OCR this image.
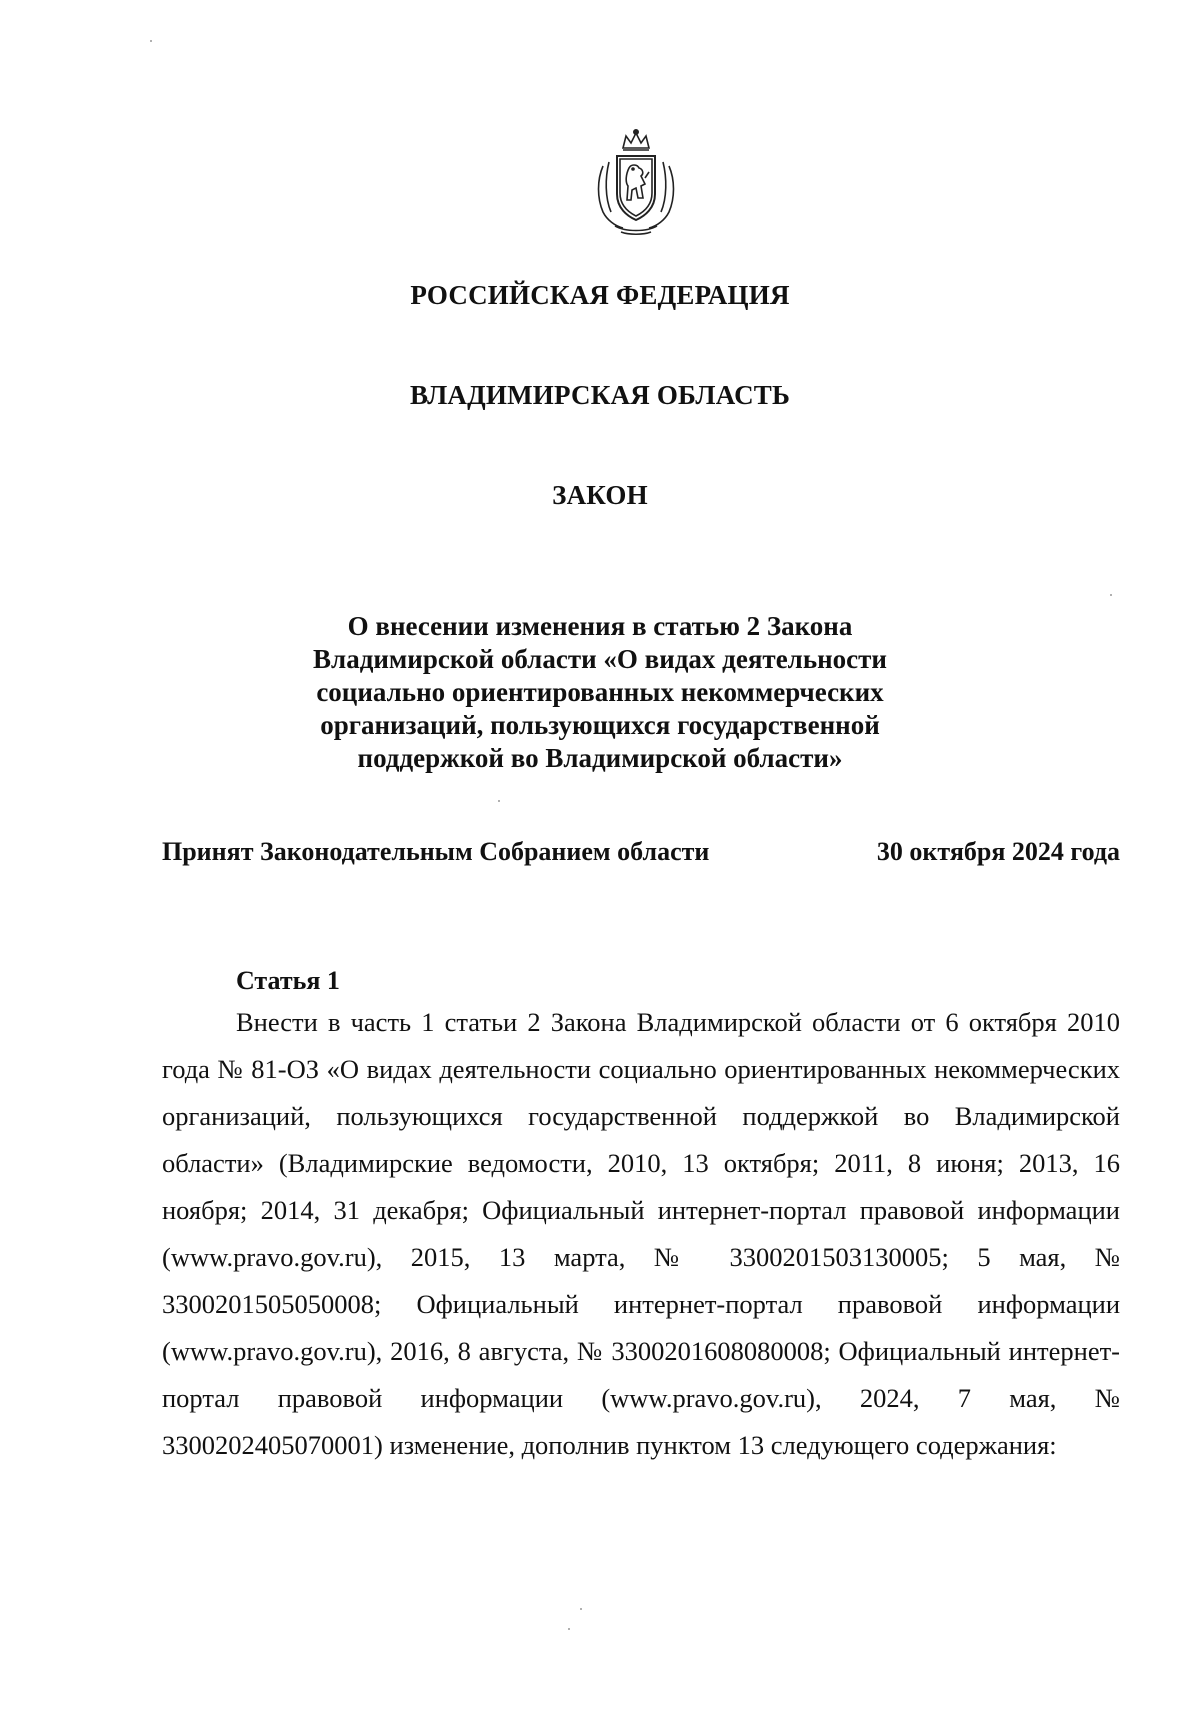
РОССИЙСКАЯ ФЕДЕРАЦИЯ
ВЛАДИМИРСКАЯ ОБЛАСТЬ
ЗАКОН
О внесении изменения в статью 2 Закона
Владимирской области «О видах деятельности
социально ориентированных некоммерческих
организаций, пользующихся государственной
поддержкой во Владимирской области»
Принят Законодательным Собранием области	30 октября 2024 года
Статья 1

Внести в часть 1 статьи 2 Закона Владимирской области от 6 октября 2010 года № 81-ОЗ «О видах деятельности социально ориентированных некоммерческих организаций, пользующихся государственной поддержкой во Владимирской области» (Владимирские ведомости, 2010, 13 октября; 2011, 8 июня; 2013, 16 ноября; 2014, 31 декабря; Официальный интернет-портал правовой информации (www.pravo.gov.ru), 2015, 13 марта, № 3300201503130005; 5 мая, № 3300201505050008; Официальный интернет-портал правовой информации (www.pravo.gov.ru), 2016, 8 августа, № 3300201608080008; Официальный интернет-портал правовой информации (www.pravo.gov.ru), 2024, 7 мая, № 3300202405070001) изменение, дополнив пунктом 13 следующего содержания:
